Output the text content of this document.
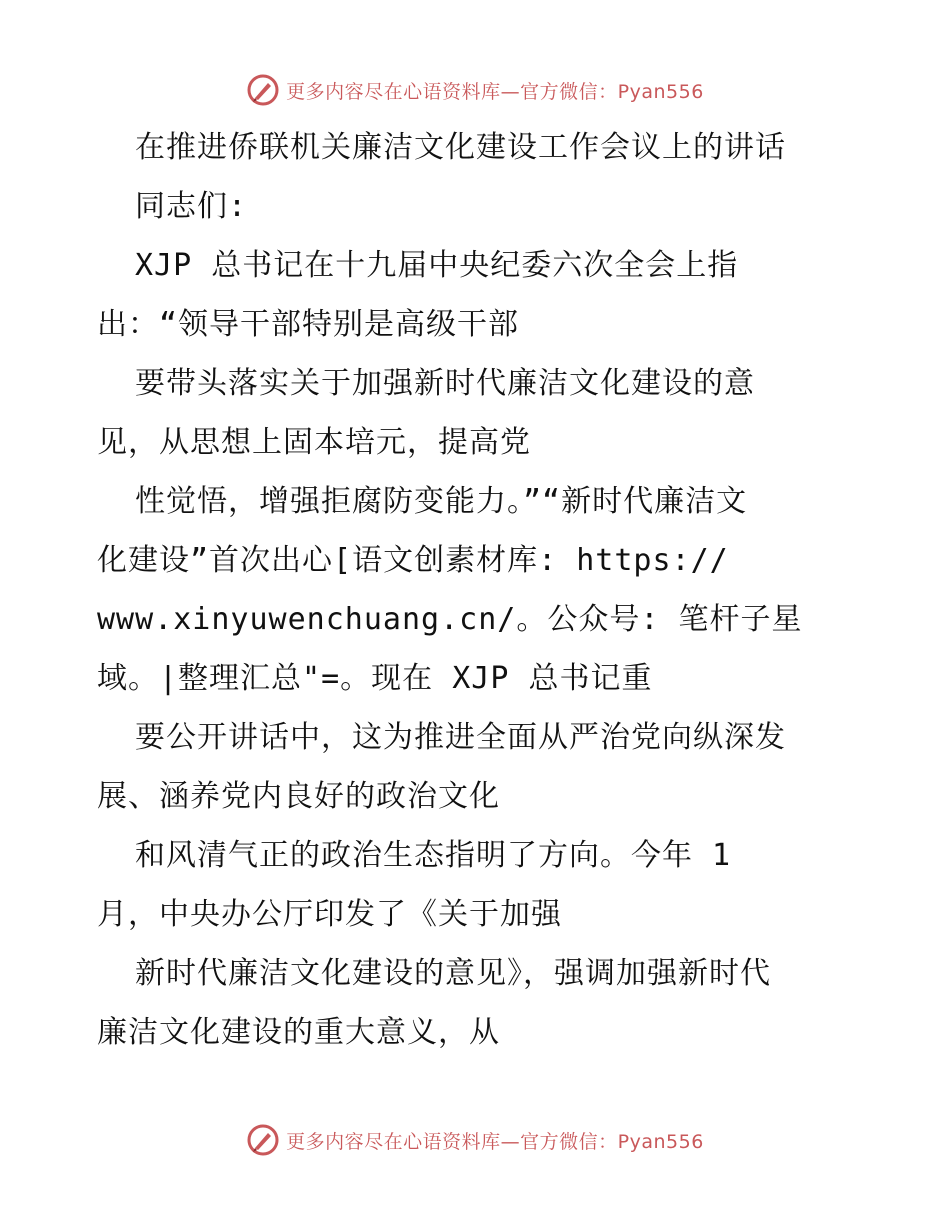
更多内容尽在心语资料库—官方微信：Pyan556
在推进侨联机关廉洁文化建设工作会议上的讲话
同志们:
XJP 总书记在十九届中央纪委六次全会上指
出：“领导干部特别是高级干部
要带头落实关于加强新时代廉洁文化建设的意
见，从思想上固本培元，提高党
性觉悟，增强拒腐防变能力。”“新时代廉洁文
化建设”首次出心[语文创素材库: https://
www.xinyuwenchuang.cn/。公众号: 笔杆子星
域。|整理汇总"=。现在 XJP 总书记重
要公开讲话中，这为推进全面从严治党向纵深发
展、涵养党内良好的政治文化
和风清气正的政治生态指明了方向。今年 1
月，中央办公厅印发了《关于加强
新时代廉洁文化建设的意见》，强调加强新时代
廉洁文化建设的重大意义，从
更多内容尽在心语资料库—官方微信：Pyan556
